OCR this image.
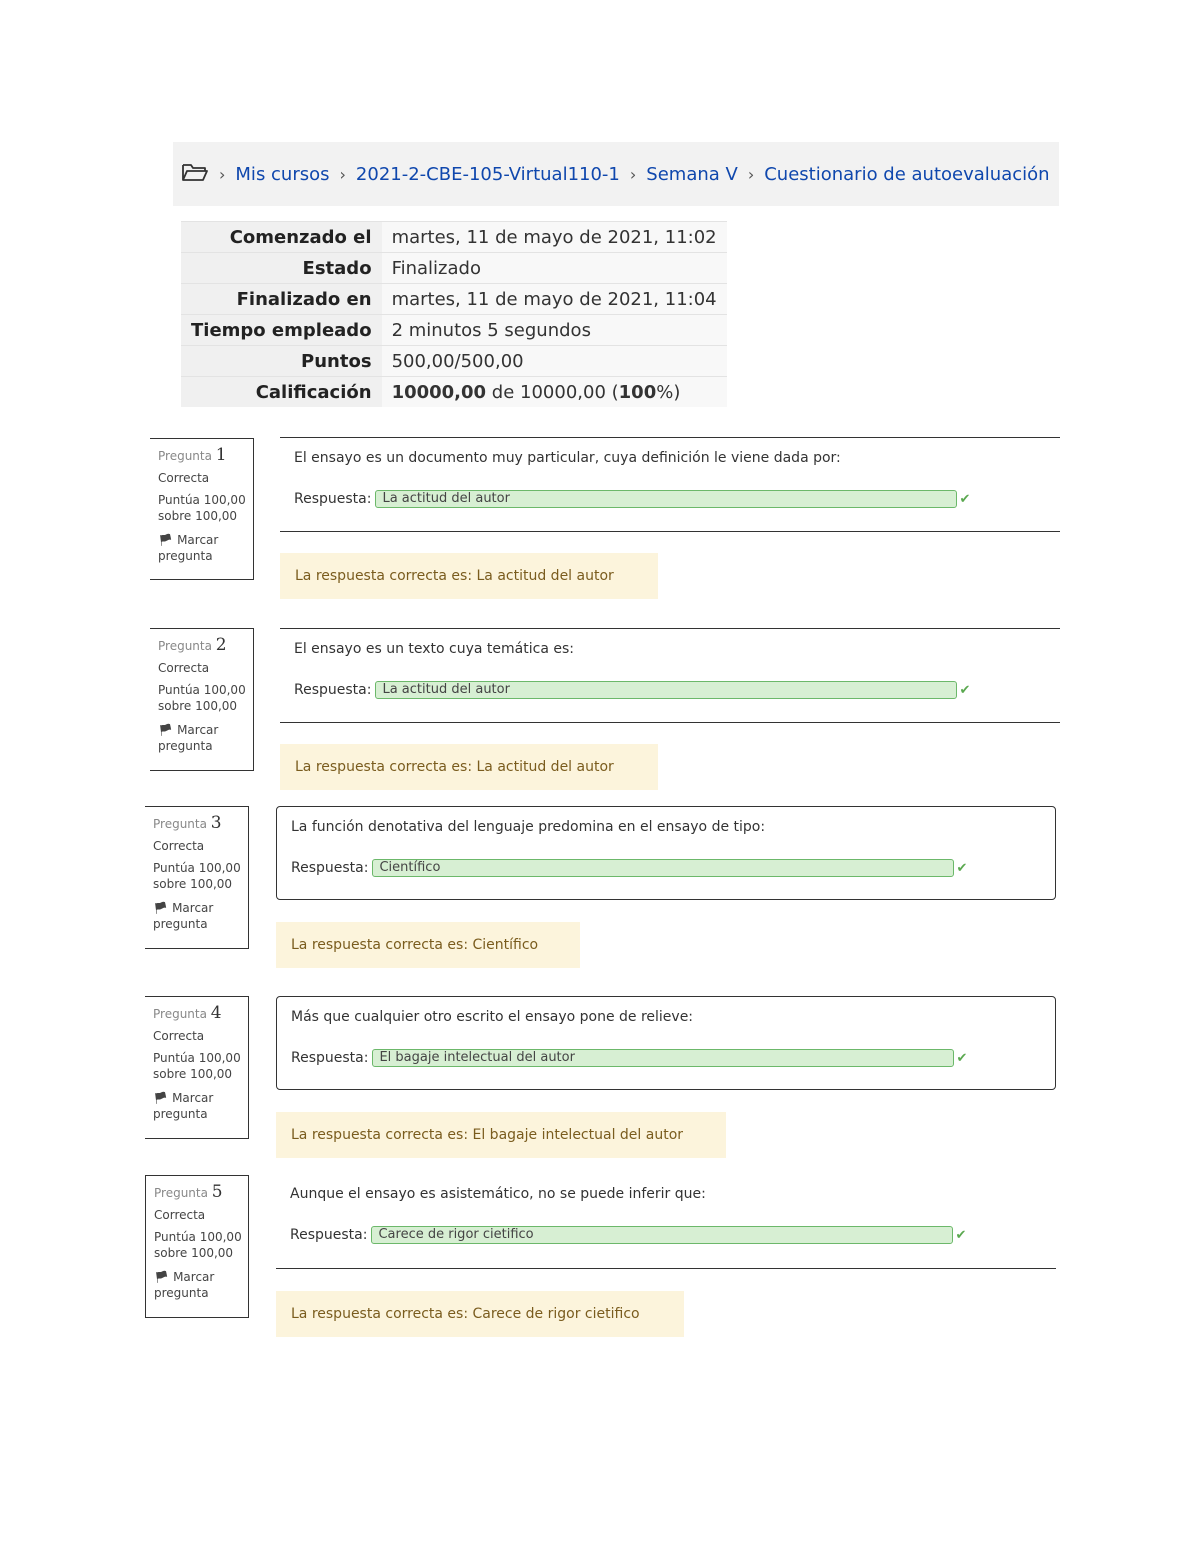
› Mis cursos › 2021-2-CBE-105-Virtual110-1 › Semana V › Cuestionario de autoevaluación
Comenzado el	martes, 11 de mayo de 2021, 11:02
Estado	Finalizado
Finalizado en	martes, 11 de mayo de 2021, 11:04
Tiempo empleado	2 minutos 5 segundos
Puntos	500,00/500,00
Calificación	10000,00 de 10000,00 (100%)
Pregunta 1
Correcta
Puntúa 100,00
sobre 100,00
🏴︎ Marcar
pregunta
El ensayo es un documento muy particular, cuya definición le viene dada por:
Respuesta: La actitud del autor	✔
La respuesta correcta es: La actitud del autor
Pregunta 2
Correcta
Puntúa 100,00
sobre 100,00
🏴︎ Marcar
pregunta
El ensayo es un texto cuya temática es:
Respuesta: La actitud del autor	✔
La respuesta correcta es: La actitud del autor
Pregunta 3
Correcta
Puntúa 100,00
sobre 100,00
🏴︎ Marcar
pregunta
La función denotativa del lenguaje predomina en el ensayo de tipo:
Respuesta: Científico	✔
La respuesta correcta es: Científico
Pregunta 4
Correcta
Puntúa 100,00
sobre 100,00
🏴︎ Marcar
pregunta
Más que cualquier otro escrito el ensayo pone de relieve:
Respuesta: El bagaje intelectual del autor	✔
La respuesta correcta es: El bagaje intelectual del autor
Pregunta 5
Correcta
Puntúa 100,00
sobre 100,00
🏴︎ Marcar
pregunta
Aunque el ensayo es asistemático, no se puede inferir que:
Respuesta: Carece de rigor cietifico	✔
La respuesta correcta es: Carece de rigor cietifico
